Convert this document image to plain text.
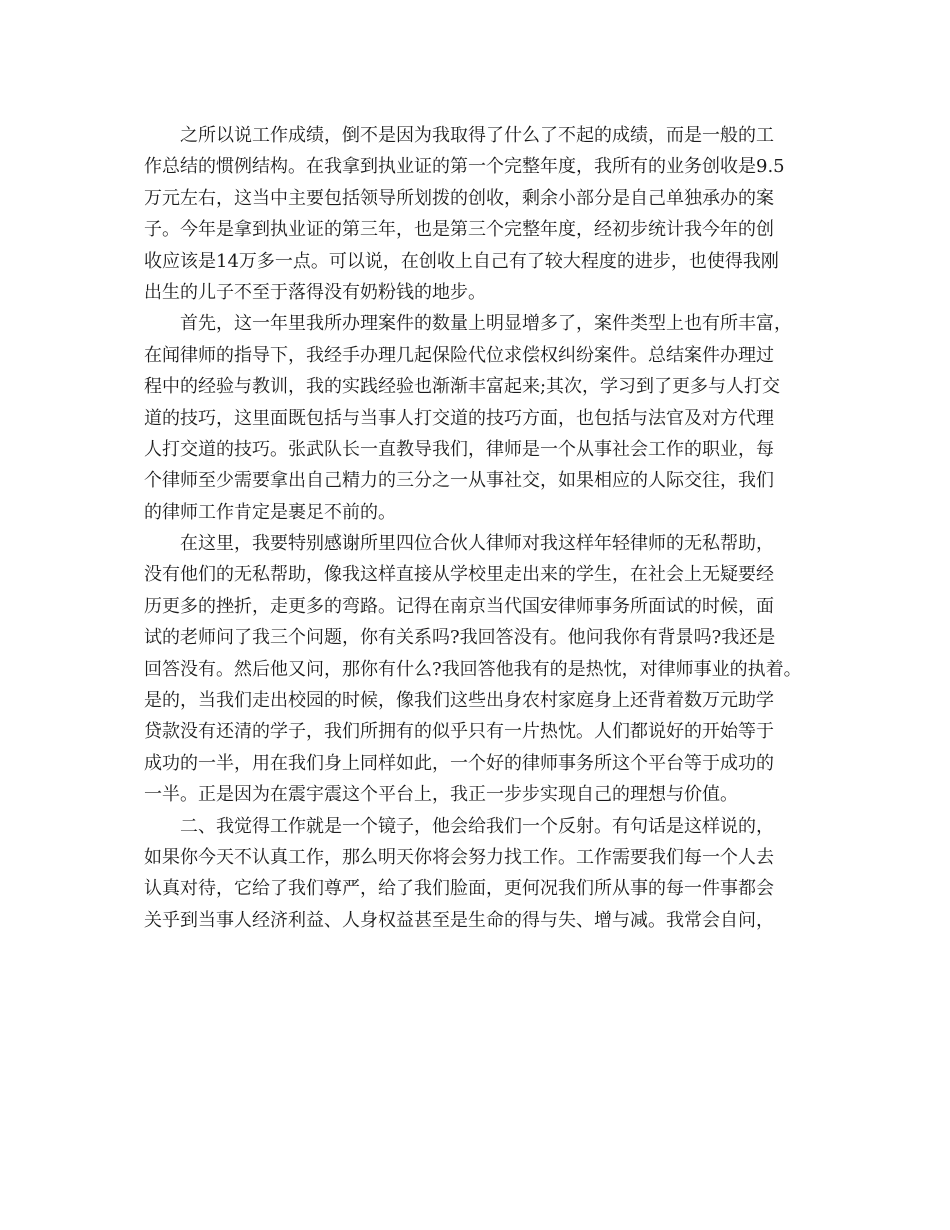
之所以说工作成绩，倒不是因为我取得了什么了不起的成绩，而是一般的工
作总结的惯例结构。在我拿到执业证的第一个完整年度，我所有的业务创收是9.5
万元左右，这当中主要包括领导所划拨的创收，剩余小部分是自己单独承办的案
子。今年是拿到执业证的第三年，也是第三个完整年度，经初步统计我今年的创
收应该是14万多一点。可以说，在创收上自己有了较大程度的进步，也使得我刚
出生的儿子不至于落得没有奶粉钱的地步。
首先，这一年里我所办理案件的数量上明显增多了，案件类型上也有所丰富，
在闻律师的指导下，我经手办理几起保险代位求偿权纠纷案件。总结案件办理过
程中的经验与教训，我的实践经验也渐渐丰富起来;其次，学习到了更多与人打交
道的技巧，这里面既包括与当事人打交道的技巧方面，也包括与法官及对方代理
人打交道的技巧。张武队长一直教导我们，律师是一个从事社会工作的职业，每
个律师至少需要拿出自己精力的三分之一从事社交，如果相应的人际交往，我们
的律师工作肯定是裹足不前的。
在这里，我要特别感谢所里四位合伙人律师对我这样年轻律师的无私帮助，
没有他们的无私帮助，像我这样直接从学校里走出来的学生，在社会上无疑要经
历更多的挫折，走更多的弯路。记得在南京当代国安律师事务所面试的时候，面
试的老师问了我三个问题，你有关系吗?我回答没有。他问我你有背景吗?我还是
回答没有。然后他又问，那你有什么?我回答他我有的是热忱，对律师事业的执着。
是的，当我们走出校园的时候，像我们这些出身农村家庭身上还背着数万元助学
贷款没有还清的学子，我们所拥有的似乎只有一片热忱。人们都说好的开始等于
成功的一半，用在我们身上同样如此，一个好的律师事务所这个平台等于成功的
一半。正是因为在震宇震这个平台上，我正一步步实现自己的理想与价值。
二、我觉得工作就是一个镜子，他会给我们一个反射。有句话是这样说的，
如果你今天不认真工作，那么明天你将会努力找工作。工作需要我们每一个人去
认真对待，它给了我们尊严，给了我们脸面，更何况我们所从事的每一件事都会
关乎到当事人经济利益、人身权益甚至是生命的得与失、增与减。我常会自问，
